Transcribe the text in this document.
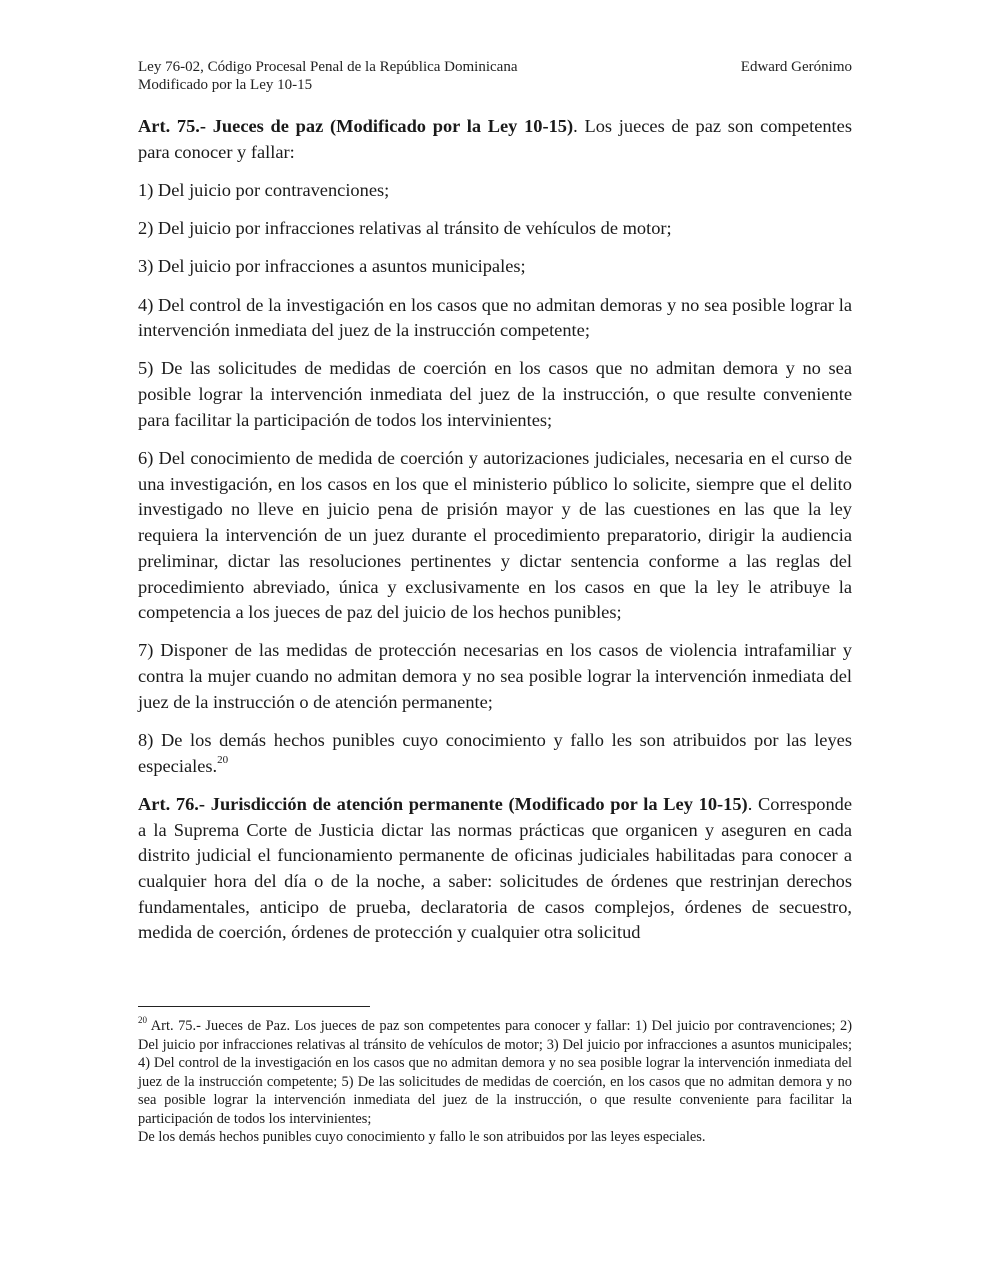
Ley 76-02, Código Procesal Penal de la República Dominicana	Edward Gerónimo
Modificado por la Ley 10-15

Art. 75.- Jueces de paz (Modificado por la Ley 10-15). Los jueces de paz son competentes para conocer y fallar:

1) Del juicio por contravenciones;

2) Del juicio por infracciones relativas al tránsito de vehículos de motor;

3) Del juicio por infracciones a asuntos municipales;

4) Del control de la investigación en los casos que no admitan demoras y no sea posible lograr la intervención inmediata del juez de la instrucción competente;

5) De las solicitudes de medidas de coerción en los casos que no admitan demora y no sea posible lograr la intervención inmediata del juez de la instrucción, o que resulte conveniente para facilitar la participación de todos los intervinientes;

6) Del conocimiento de medida de coerción y autorizaciones judiciales, necesaria en el curso de una investigación, en los casos en los que el ministerio público lo solicite, siempre que el delito investigado no lleve en juicio pena de prisión mayor y de las cuestiones en las que la ley requiera la intervención de un juez durante el procedimiento preparatorio, dirigir la audiencia preliminar, dictar las resoluciones pertinentes y dictar sentencia conforme a las reglas del procedimiento abreviado, única y exclusivamente en los casos en que la ley le atribuye la competencia a los jueces de paz del juicio de los hechos punibles;

7) Disponer de las medidas de protección necesarias en los casos de violencia intrafamiliar y contra la mujer cuando no admitan demora y no sea posible lograr la intervención inmediata del juez de la instrucción o de atención permanente;

8) De los demás hechos punibles cuyo conocimiento y fallo les son atribuidos por las leyes especiales.$^{20}$

Art. 76.- Jurisdicción de atención permanente (Modificado por la Ley 10-15). Corresponde a la Suprema Corte de Justicia dictar las normas prácticas que organicen y aseguren en cada distrito judicial el funcionamiento permanente de oficinas judiciales habilitadas para conocer a cualquier hora del día o de la noche, a saber: solicitudes de órdenes que restrinjan derechos fundamentales, anticipo de prueba, declaratoria de casos complejos, órdenes de secuestro, medida de coerción, órdenes de protección y cualquier otra solicitud

$^{20}$ Art. 75.- Jueces de Paz. Los jueces de paz son competentes para conocer y fallar: 1) Del juicio por contravenciones; 2) Del juicio por infracciones relativas al tránsito de vehículos de motor; 3) Del juicio por infracciones a asuntos municipales; 4) Del control de la investigación en los casos que no admitan demora y no sea posible lograr la intervención inmediata del juez de la instrucción competente; 5) De las solicitudes de medidas de coerción, en los casos que no admitan demora y no sea posible lograr la intervención inmediata del juez de la instrucción, o que resulte conveniente para facilitar la participación de todos los intervinientes;

De los demás hechos punibles cuyo conocimiento y fallo le son atribuidos por las leyes especiales.
